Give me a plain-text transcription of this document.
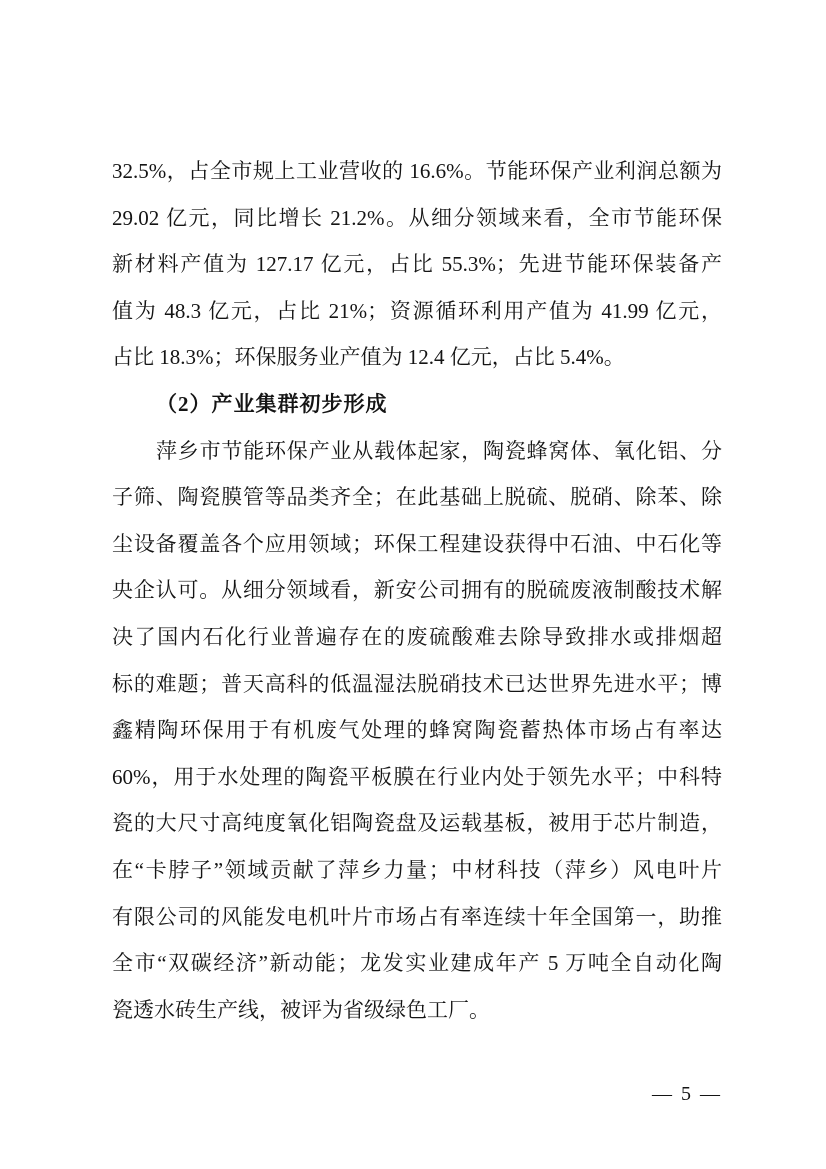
32.5%，占全市规上工业营收的 16.6%。节能环保产业利润总额为
29.02 亿元，同比增长 21.2%。从细分领域来看，全市节能环保
新材料产值为 127.17 亿元，占比 55.3%；先进节能环保装备产
值为 48.3 亿元，占比 21%；资源循环利用产值为 41.99 亿元，
占比 18.3%；环保服务业产值为 12.4 亿元，占比 5.4%。
（2）产业集群初步形成
萍乡市节能环保产业从载体起家，陶瓷蜂窝体、氧化铝、分
子筛、陶瓷膜管等品类齐全；在此基础上脱硫、脱硝、除苯、除
尘设备覆盖各个应用领域；环保工程建设获得中石油、中石化等
央企认可。从细分领域看，新安公司拥有的脱硫废液制酸技术解
决了国内石化行业普遍存在的废硫酸难去除导致排水或排烟超
标的难题；普天高科的低温湿法脱硝技术已达世界先进水平；博
鑫精陶环保用于有机废气处理的蜂窝陶瓷蓄热体市场占有率达
60%，用于水处理的陶瓷平板膜在行业内处于领先水平；中科特
瓷的大尺寸高纯度氧化铝陶瓷盘及运载基板，被用于芯片制造，
在“卡脖子”领域贡献了萍乡力量；中材科技（萍乡）风电叶片
有限公司的风能发电机叶片市场占有率连续十年全国第一，助推
全市“双碳经济”新动能；龙发实业建成年产 5 万吨全自动化陶
瓷透水砖生产线，被评为省级绿色工厂。
— 5 —
